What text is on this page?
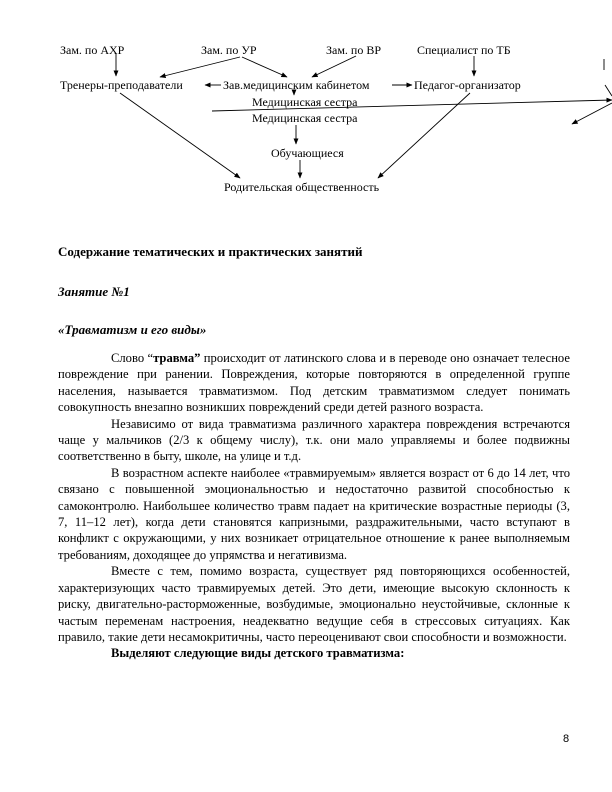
Зам. по АХР	Зам. по УР	Зам. по ВР	Специалист по ТБ
Тренеры-преподаватели	Зав.медицинским кабинетом	Педагог-организатор
Медицинская сестра
Медицинская сестра
Обучающиеся
Родительская общественность

Содержание тематических и практических занятий

Занятие №1

«Травматизм и его виды»

Слово “травма” происходит от латинского слова и в переводе оно означает телесное повреждение при ранении. Повреждения, которые повторяются в определенной группе населения, называется травматизмом. Под детским травматизмом следует понимать совокупность внезапно возникших повреждений среди детей разного возраста.

Независимо от вида травматизма различного характера повреждения встречаются чаще у мальчиков (2/3 к общему числу), т.к. они мало управляемы и более подвижны соответственно в быту, школе, на улице и т.д.

В возрастном аспекте наиболее «травмируемым» является возраст от 6 до 14 лет, что связано с повышенной эмоциональностью и недостаточно развитой способностью к самоконтролю. Наибольшее количество травм падает на критические возрастные периоды (3, 7, 11–12 лет), когда дети становятся капризными, раздражительными, часто вступают в конфликт с окружающими, у них возникает отрицательное отношение к ранее выполняемым требованиям, доходящее до упрямства и негативизма.

Вместе с тем, помимо возраста, существует ряд повторяющихся особенностей, характеризующих часто травмируемых детей. Это дети, имеющие высокую склонность к риску, двигательно-расторможенные, возбудимые, эмоционально неустойчивые, склонные к частым переменам настроения, неадекватно ведущие себя в стрессовых ситуациях. Как правило, такие дети несамокритичны, часто переоценивают свои способности и возможности.

Выделяют следующие виды детского травматизма:

8
